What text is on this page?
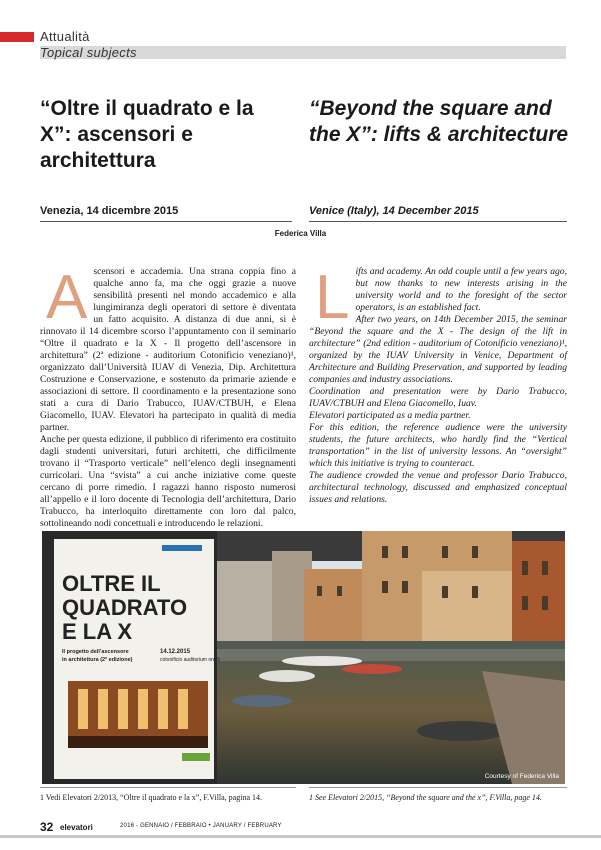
Attualità
Topical subjects
“Oltre il quadrato e la X”: ascensori e architettura
“Beyond the square and the X”: lifts & architecture
Venezia, 14 dicembre 2015	Venice (Italy), 14 December 2015
Federica Villa
A scensori e accademia. Una strana coppia fino a qualche anno fa, ma che oggi grazie a nuove sensibilità presenti nel mondo accademico e alla lungimiranza degli operatori di settore è diventata un fatto acquisito. A distanza di due anni, si è rinnovato il 14 dicembre scorso l’appuntamento con il seminario “Oltre il quadrato e la X - Il progetto dell’ascensore in architettura” (2ª edizione - auditorium Cotonificio veneziano)¹, organizzato dall’Università IUAV di Venezia, Dip. Architettura Costruzione e Conservazione, e sostenuto da primarie aziende e associazioni di settore. Il coordinamento e la presentazione sono stati a cura di Dario Trabucco, IUAV/CTBUH, e Elena Giacomello, IUAV. Elevatori ha partecipato in qualità di media partner.

Anche per questa edizione, il pubblico di riferimento era costituito dagli studenti universitari, futuri architetti, che difficilmente trovano il “Trasporto verticale” nell’elenco degli insegnamenti curricolari. Una “svista” a cui anche iniziative come queste cercano di porre rimedio. I ragazzi hanno risposto numerosi all’appello e il loro docente di Tecnologia dell’architettura, Dario Trabucco, ha interloquito direttamente con loro dal palco, sottolineando nodi concettuali e introducendo le relazioni.

L ifts and academy. An odd couple until a few years ago, but now thanks to new interests arising in the university world and to the foresight of the sector operators, is an established fact.

After two years, on 14th December 2015, the seminar “Beyond the square and the X - The design of the lift in architecture” (2nd edition - auditorium of Cotonificio veneziano)¹, organized by the IUAV University in Venice, Department of Architecture and Building Preservation, and supported by leading companies and industry associations.

Coordination and presentation were by Dario Trabucco, IUAV/CTBUH and Elena Giacomello, Iuav.

Elevatori participated as a media partner.

For this edition, the reference audience were the university students, the future architects, who hardly find the “Vertical transportation” in the list of university lessons. An “oversight” which this initiative is trying to counteract.

The audience crowded the venue and professor Dario Trabucco, architectural technology, discussed and emphasized conceptual issues and relations.

OLTRE IL
QUADRATO
E LA X
Il progetto dell’ascensore
in architettura (2ª edizione)
14.12.2015
cotonificio auditorium ore 9
Courtesy of Federica Villa
1 Vedi Elevatori 2/2013, “Oltre il quadrato e la x”, F.Villa, pagina 14.	1 See Elevatori 2/2015, “Beyond the square and the x”, F.Villa, page 14.
32 elevatori	2016 - GENNAIO / FEBBRAIO • JANUARY / FEBRUARY
